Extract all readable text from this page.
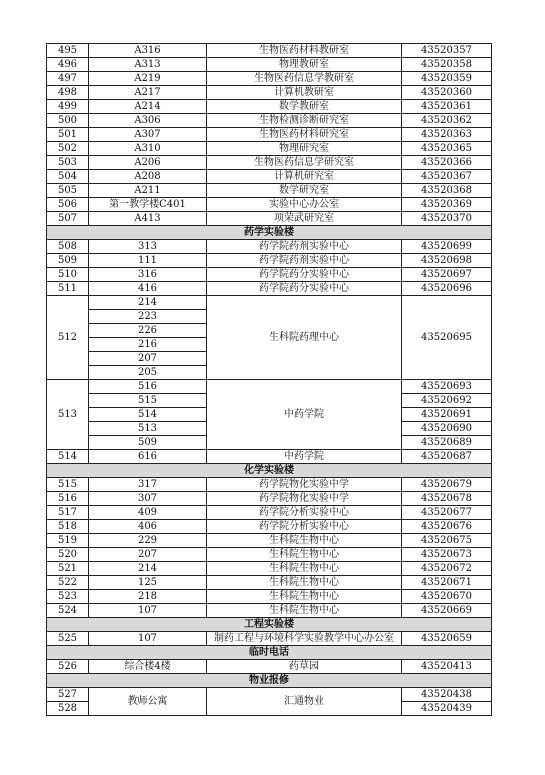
495	A316	生物医药材料教研室	43520357
496	A313	物理教研室	43520358
497	A219	生物医药信息学教研室	43520359
498	A217	计算机教研室	43520360
499	A214	数学教研室	43520361
500	A306	生物检测诊断研究室	43520362
501	A307	生物医药材料研究室	43520363
502	A310	物理研究室	43520365
503	A206	生物医药信息学研究室	43520366
504	A208	计算机研究室	43520367
505	A211	数学研究室	43520368
506	第一教学楼C401	实验中心办公室	43520369
507	A413	项荣武研究室	43520370
药学实验楼			
508	313	药学院药剂实验中心	43520699
509	111	药学院药剂实验中心	43520698
510	316	药学院药分实验中心	43520697
511	416	药学院药分实验中心	43520696
512	214	生科院药理中心	43520695
	223		
	226		
	216		
	207		
	205		
513	516	中药学院	43520693
	515		43520692
	514		43520691
	513		43520690
	509		43520689
514	616	中药学院	43520687
化学实验楼			
515	317	药学院物化实验中学	43520679
516	307	药学院物化实验中学	43520678
517	409	药学院分析实验中心	43520677
518	406	药学院分析实验中心	43520676
519	229	生科院生物中心	43520675
520	207	生科院生物中心	43520673
521	214	生科院生物中心	43520672
522	125	生科院生物中心	43520671
523	218	生科院生物中心	43520670
524	107	生科院生物中心	43520669
工程实验楼			
525	107	制药工程与环境科学实验教学中心办公室	43520659
临时电话			
526	综合楼4楼	药草园	43520413
物业报修			
527	教师公寓	汇通物业	43520438
528			43520439
